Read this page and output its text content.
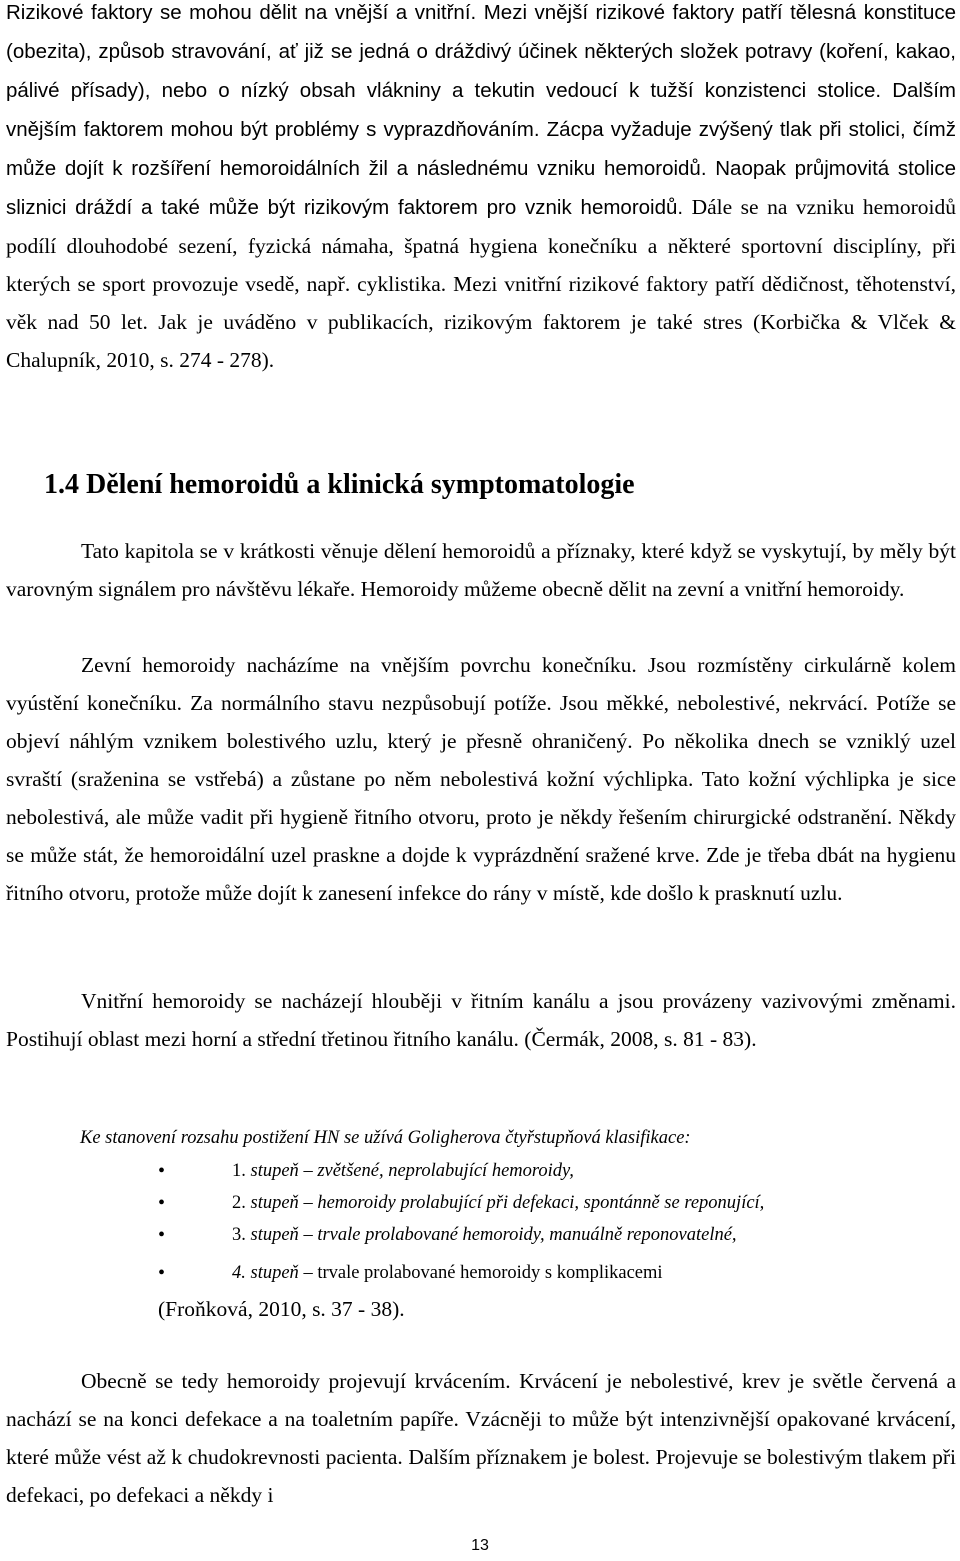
Rizikové faktory se mohou dělit na vnější a vnitřní. Mezi vnější rizikové faktory patří tělesná konstituce (obezita), způsob stravování, ať již se jedná o dráždivý účinek některých složek potravy (koření, kakao, pálivé přísady), nebo o nízký obsah vlákniny a tekutin vedoucí k tužší konzistenci stolice. Dalším vnějším faktorem mohou být problémy s vyprazdňováním. Zácpa vyžaduje zvýšený tlak při stolici, čímž může dojít k rozšíření hemoroidálních žil a následnému vzniku hemoroidů. Naopak průjmovitá stolice sliznici dráždí a také může být rizikovým faktorem pro vznik hemoroidů. Dále se na vzniku hemoroidů podílí dlouhodobé sezení, fyzická námaha, špatná hygiena konečníku a některé sportovní disciplíny, při kterých se sport provozuje vsedě, např. cyklistika. Mezi vnitřní rizikové faktory patří dědičnost, těhotenství, věk nad 50 let. Jak je uváděno v publikacích, rizikovým faktorem je také stres (Korbička & Vlček & Chalupník, 2010, s. 274 - 278).

1.4 Dělení hemoroidů a klinická symptomatologie

Tato kapitola se v krátkosti věnuje dělení hemoroidů a příznaky, které když se vyskytují, by měly být varovným signálem pro návštěvu lékaře. Hemoroidy můžeme obecně dělit na zevní a vnitřní hemoroidy.

Zevní hemoroidy nacházíme na vnějším povrchu konečníku. Jsou rozmístěny cirkulárně kolem vyústění konečníku. Za normálního stavu nezpůsobují potíže. Jsou měkké, nebolestivé, nekrvácí. Potíže se objeví náhlým vznikem bolestivého uzlu, který je přesně ohraničený. Po několika dnech se vzniklý uzel svraští (sraženina se vstřebá) a zůstane po něm nebolestivá kožní výchlipka. Tato kožní výchlipka je sice nebolestivá, ale může vadit při hygieně řitního otvoru, proto je někdy řešením chirurgické odstranění. Někdy se může stát, že hemoroidální uzel praskne a dojde k vyprázdnění sražené krve. Zde je třeba dbát na hygienu řitního otvoru, protože může dojít k zanesení infekce do rány v místě, kde došlo k prasknutí uzlu.

Vnitřní hemoroidy se nacházejí hlouběji v řitním kanálu a jsou provázeny vazivovými změnami. Postihují oblast mezi horní a střední třetinou řitního kanálu. (Čermák, 2008, s. 81 - 83).

Ke stanovení rozsahu postižení HN se užívá Goligherova čtyřstupňová klasifikace:

•	1. stupeň – zvětšené, neprolabující hemoroidy,
•	2. stupeň – hemoroidy prolabující při defekaci, spontánně se reponující,
•	3. stupeň – trvale prolabované hemoroidy, manuálně reponovatelné,
•	4. stupeň – trvale prolabované hemoroidy s komplikacemi

(Froňková, 2010, s. 37 - 38).

Obecně se tedy hemoroidy projevují krvácením. Krvácení je nebolestivé, krev je světle červená a nachází se na konci defekace a na toaletním papíře. Vzácněji to může být intenzivnější opakované krvácení, které může vést až k chudokrevnosti pacienta. Dalším příznakem je bolest. Projevuje se bolestivým tlakem při defekaci, po defekaci a někdy i

13
